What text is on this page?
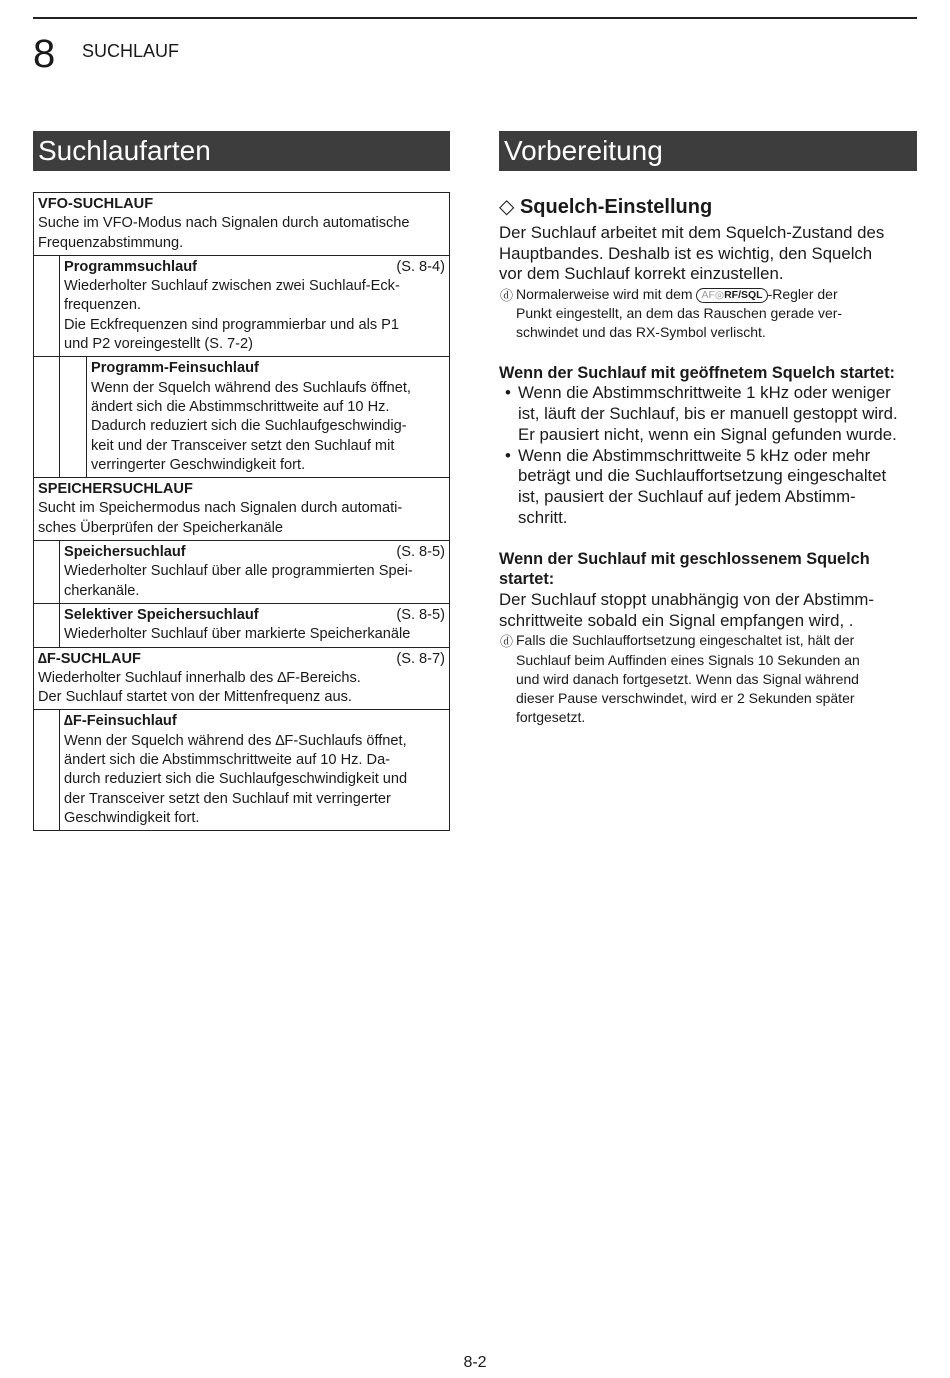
8 SUCHLAUF
Suchlaufarten	Vorbereitung
VFO-SUCHLAUF

Suche im VFO-Modus nach Signalen durch automatische

Frequenzabstimmung.

Programmsuchlauf	(S. 8-4)

Wiederholter Suchlauf zwischen zwei Suchlauf-Eck-

frequenzen.

Die Eckfrequenzen sind programmierbar und als P1

und P2 voreingestellt (S. 7-2)

Programm-Feinsuchlauf

Wenn der Squelch während des Suchlaufs öffnet,

ändert sich die Abstimmschrittweite auf 10 Hz.

Dadurch reduziert sich die Suchlaufgeschwindig-

keit und der Transceiver setzt den Suchlauf mit

verringerter Geschwindigkeit fort.

SPEICHERSUCHLAUF

Sucht im Speichermodus nach Signalen durch automati-

sches Überprüfen der Speicherkanäle

Speichersuchlauf	(S. 8-5)

Wiederholter Suchlauf über alle programmierten Spei-

cherkanäle.

Selektiver Speichersuchlauf	(S. 8-5)

Wiederholter Suchlauf über markierte Speicherkanäle

∆F-SUCHLAUF	(S. 8-7)

Wiederholter Suchlauf innerhalb des ∆F-Bereichs.

Der Suchlauf startet von der Mittenfrequenz aus.

∆F-Feinsuchlauf

Wenn der Squelch während des ∆F-Suchlaufs öffnet,

ändert sich die Abstimmschrittweite auf 10 Hz. Da-

durch reduziert sich die Suchlaufgeschwindigkeit und

der Transceiver setzt den Suchlauf mit verringerter

Geschwindigkeit fort.

◇ Squelch-Einstellung

Der Suchlauf arbeitet mit dem Squelch-Zustand des

Hauptbandes. Deshalb ist es wichtig, den Squelch

vor dem Suchlauf korrekt einzustellen.

ⓓ Normalerweise wird mit dem AF◎RF/SQL -Regler der
Punkt eingestellt, an dem das Rauschen gerade ver-
schwindet und das RX-Symbol verlischt.

Wenn der Suchlauf mit geöffnetem Squelch startet:

• Wenn die Abstimmschrittweite 1 kHz oder weniger
ist, läuft der Suchlauf, bis er manuell gestoppt wird.
Er pausiert nicht, wenn ein Signal gefunden wurde.
• Wenn die Abstimmschrittweite 5 kHz oder mehr
beträgt und die Suchlauffortsetzung eingeschaltet
ist, pausiert der Suchlauf auf jedem Abstimm-
schritt.

Wenn der Suchlauf mit geschlossenem Squelch

startet:

Der Suchlauf stoppt unabhängig von der Abstimm-

schrittweite sobald ein Signal empfangen wird, .

ⓓ Falls die Suchlauffortsetzung eingeschaltet ist, hält der
Suchlauf beim Auffinden eines Signals 10 Sekunden an
und wird danach fortgesetzt. Wenn das Signal während
dieser Pause verschwindet, wird er 2 Sekunden später
fortgesetzt.
8-2
